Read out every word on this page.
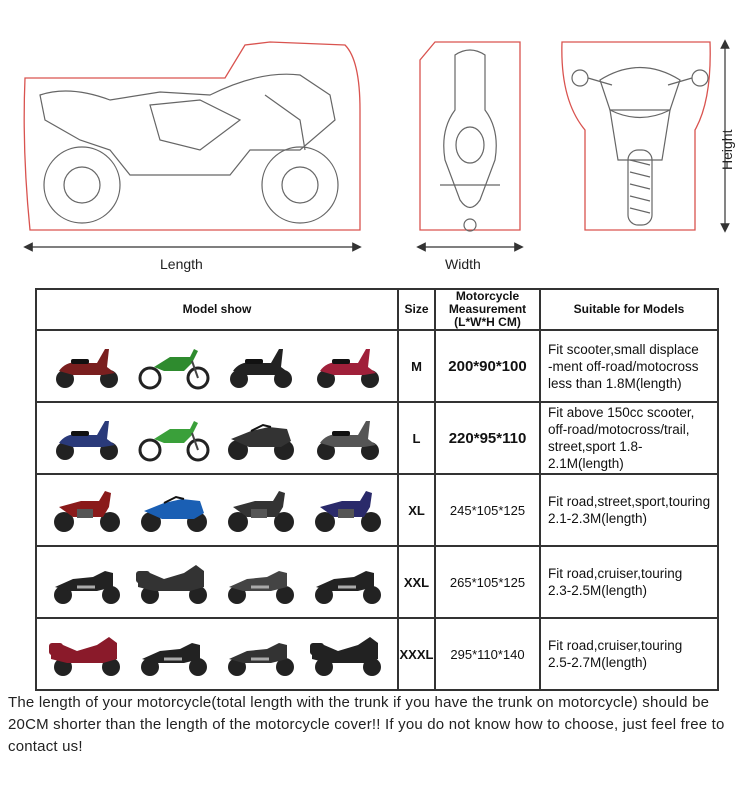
Height
Length	Width
Model show	Size	Motorcycle Measurement (L*W*H CM)	Suitable for Models

	M	200*90*100	Fit scooter,small displace
-ment off-road/motocross
less than 1.8M(length)

	L	220*95*110	Fit above 150cc scooter,
off-road/motocross/trail,
street,sport 1.8-2.1M(length)

	XL	245*105*125	Fit road,street,sport,touring
2.1-2.3M(length)

	XXL	265*105*125	Fit road,cruiser,touring
2.3-2.5M(length)

	XXXL	295*110*140	Fit road,cruiser,touring
2.5-2.7M(length)
The length of your motorcycle(total length with the trunk if you have the trunk on motorcycle) should be 20CM shorter than the length of the motorcycle cover!! If you do not know how to choose, just feel free to contact us!
